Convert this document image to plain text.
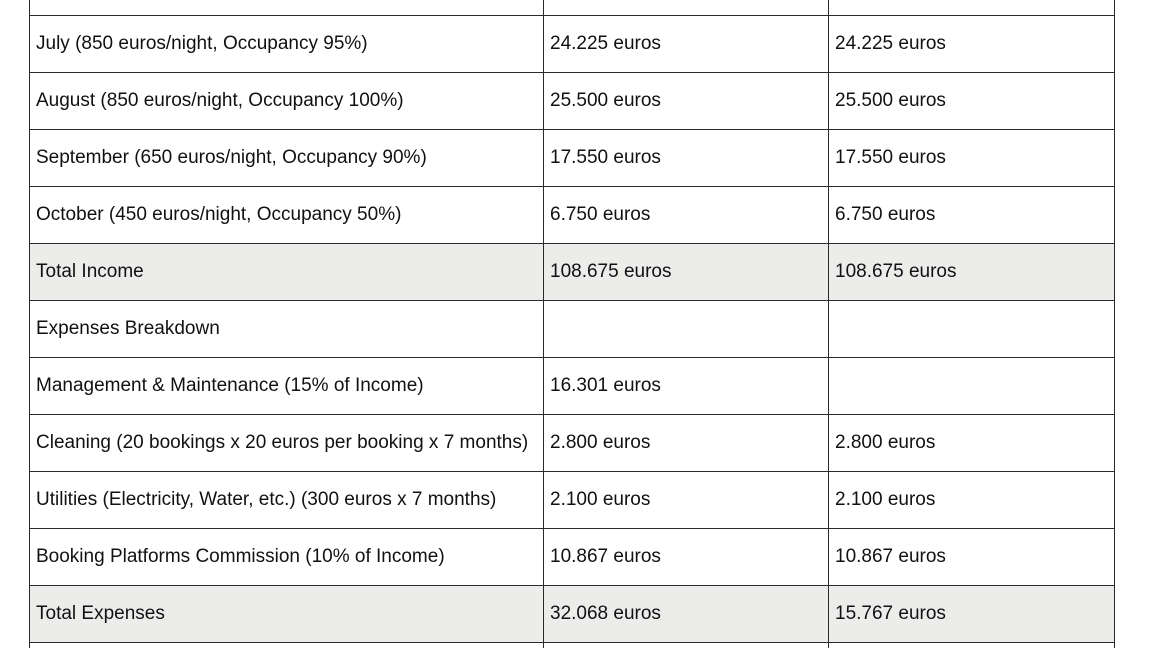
July (850 euros/night, Occupancy 95%)	24.225 euros	24.225 euros
August (850 euros/night, Occupancy 100%)	25.500 euros	25.500 euros
September (650 euros/night, Occupancy 90%)	17.550 euros	17.550 euros
October (450 euros/night, Occupancy 50%)	6.750 euros	6.750 euros
Total Income	108.675 euros	108.675 euros
Expenses Breakdown		
Management & Maintenance (15% of Income)	16.301 euros	
Cleaning (20 bookings x 20 euros per booking x 7 months)	2.800 euros	2.800 euros
Utilities (Electricity, Water, etc.) (300 euros x 7 months)	2.100 euros	2.100 euros
Booking Platforms Commission (10% of Income)	10.867 euros	10.867 euros
Total Expenses	32.068 euros	15.767 euros
